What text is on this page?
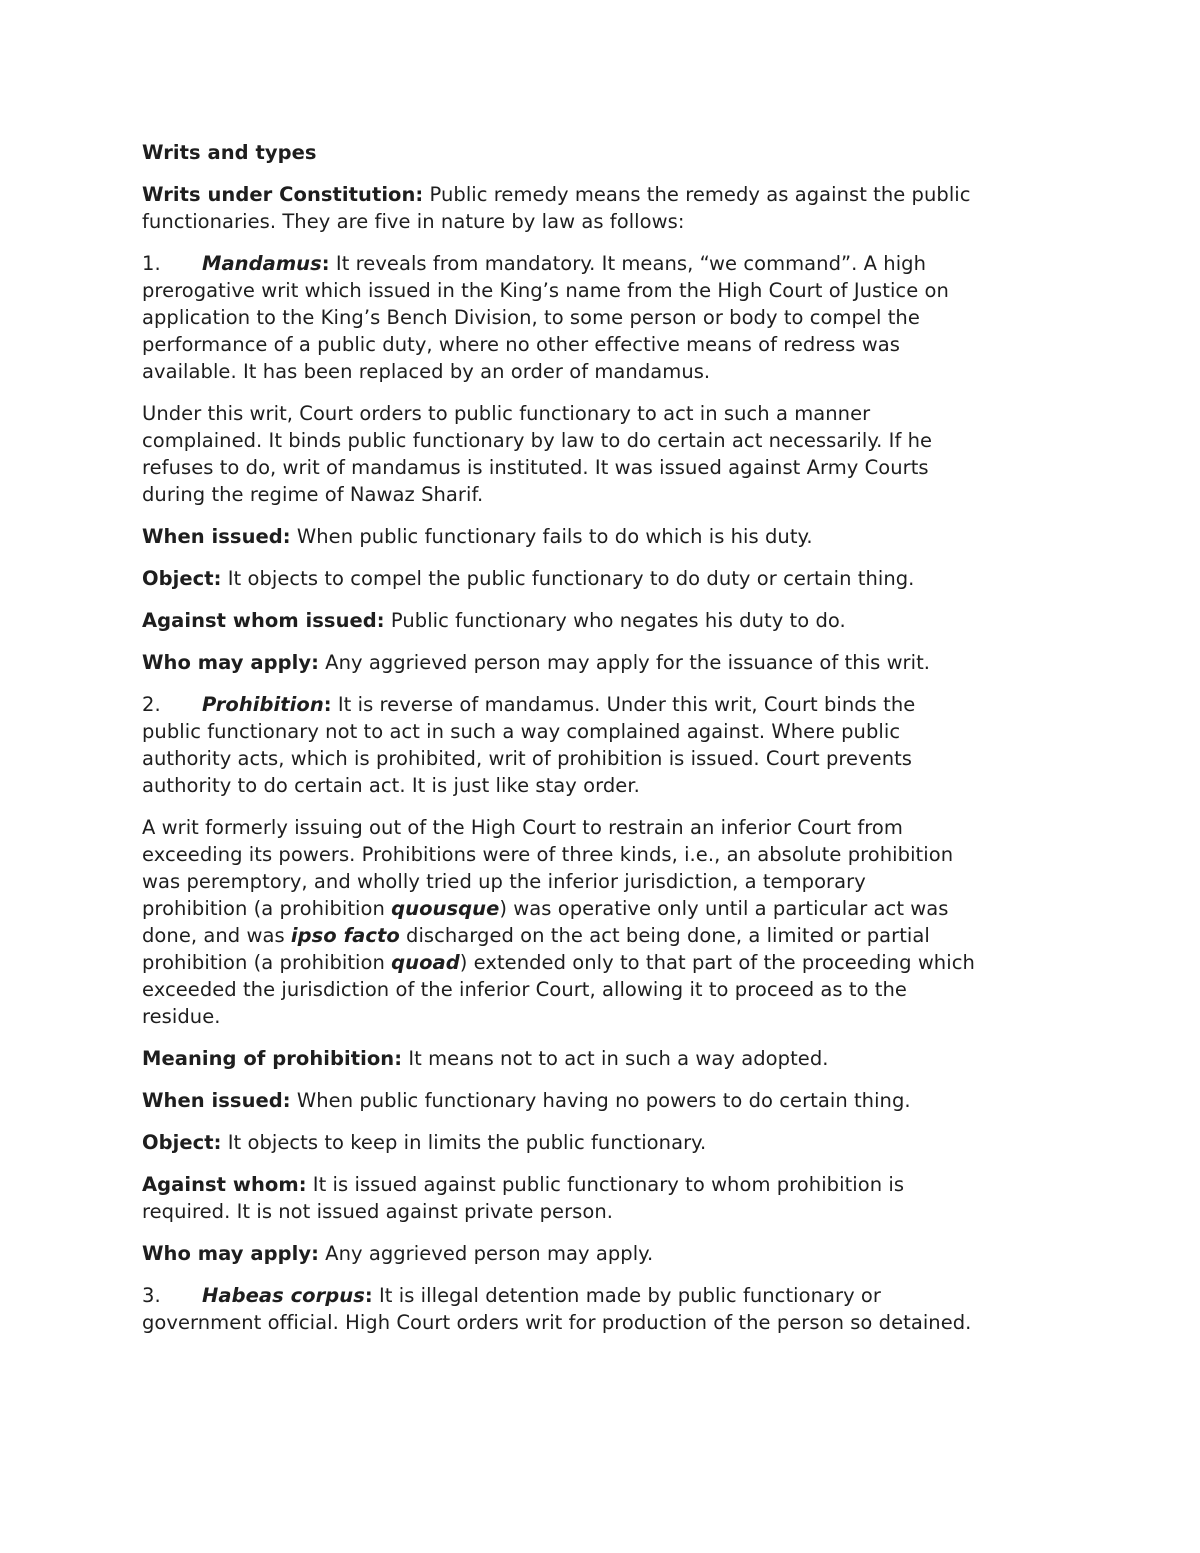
Writs and types

Writs under Constitution: Public remedy means the remedy as against the public
functionaries. They are five in nature by law as follows:

1. Mandamus: It reveals from mandatory. It means, “we command”. A high
prerogative writ which issued in the King’s name from the High Court of Justice on
application to the King’s Bench Division, to some person or body to compel the
performance of a public duty, where no other effective means of redress was
available. It has been replaced by an order of mandamus.

Under this writ, Court orders to public functionary to act in such a manner
complained. It binds public functionary by law to do certain act necessarily. If he
refuses to do, writ of mandamus is instituted. It was issued against Army Courts
during the regime of Nawaz Sharif.

When issued: When public functionary fails to do which is his duty.

Object: It objects to compel the public functionary to do duty or certain thing.

Against whom issued: Public functionary who negates his duty to do.

Who may apply: Any aggrieved person may apply for the issuance of this writ.

2. Prohibition: It is reverse of mandamus. Under this writ, Court binds the
public functionary not to act in such a way complained against. Where public
authority acts, which is prohibited, writ of prohibition is issued. Court prevents
authority to do certain act. It is just like stay order.

A writ formerly issuing out of the High Court to restrain an inferior Court from
exceeding its powers. Prohibitions were of three kinds, i.e., an absolute prohibition
was peremptory, and wholly tried up the inferior jurisdiction, a temporary
prohibition (a prohibition quousque) was operative only until a particular act was
done, and was ipso facto discharged on the act being done, a limited or partial
prohibition (a prohibition quoad) extended only to that part of the proceeding which
exceeded the jurisdiction of the inferior Court, allowing it to proceed as to the
residue.

Meaning of prohibition: It means not to act in such a way adopted.

When issued: When public functionary having no powers to do certain thing.

Object: It objects to keep in limits the public functionary.

Against whom: It is issued against public functionary to whom prohibition is
required. It is not issued against private person.

Who may apply: Any aggrieved person may apply.

3. Habeas corpus: It is illegal detention made by public functionary or
government official. High Court orders writ for production of the person so detained.
